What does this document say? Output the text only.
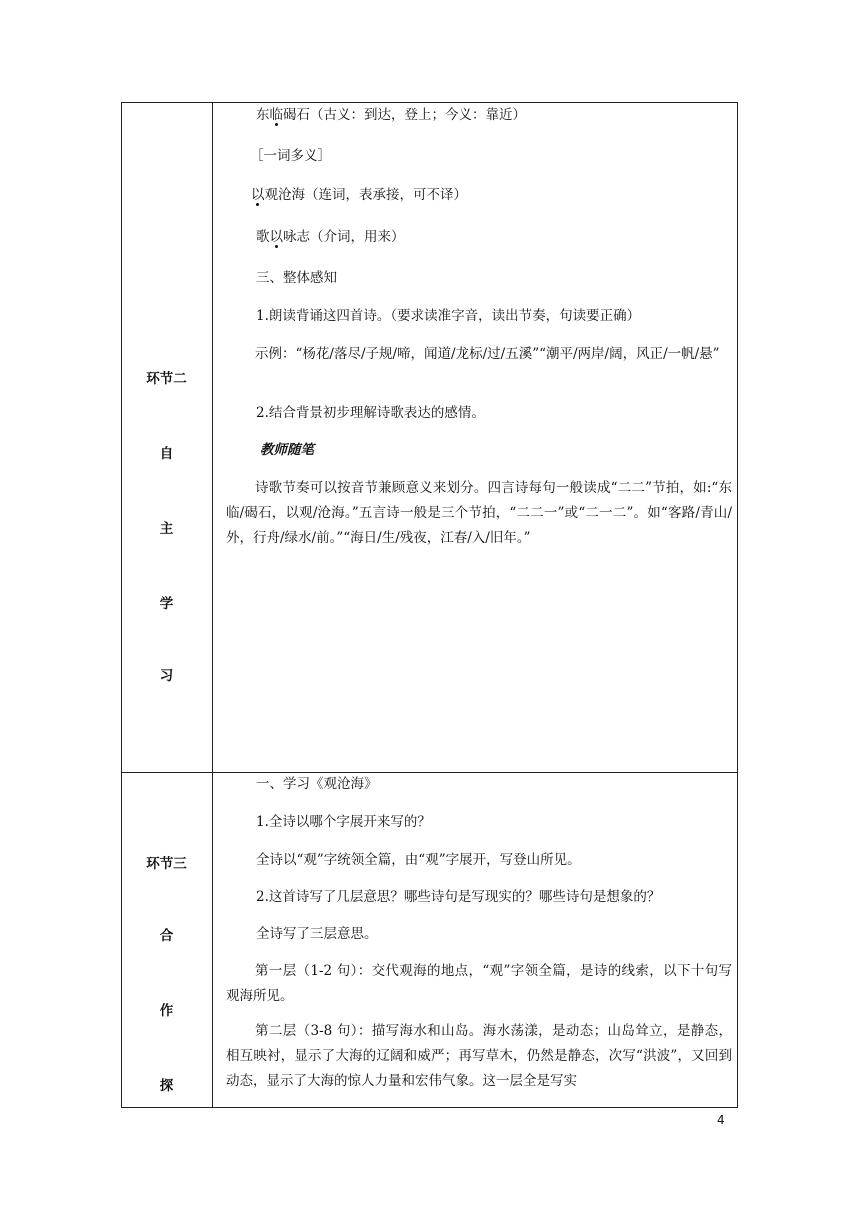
环节二
自
主
学
习
东临碣石（古义：到达，登上；今义：靠近）
［一词多义］
以观沧海（连词，表承接，可不译）
歌以咏志（介词，用来）
三、整体感知
1.朗读背诵这四首诗。（要求读准字音，读出节奏，句读要正确）
示例：“杨花/落尽/子规/啼，闻道/龙标/过/五溪”“潮平/两岸/阔，风正/一帆/悬”
2.结合背景初步理解诗歌表达的感情。
教师随笔
诗歌节奏可以按音节兼顾意义来划分。四言诗每句一般读成“二二”节拍，如:“东临/碣石，以观/沧海。”五言诗一般是三个节拍，“二二一”或“二一二”。如“客路/青山/外，行舟/绿水/前。”“海日/生/残夜，江春/入/旧年。”
环节三
合
作
探
一、学习《观沧海》
1.全诗以哪个字展开来写的？
全诗以“观”字统领全篇，由“观”字展开，写登山所见。
2.这首诗写了几层意思？哪些诗句是写现实的？哪些诗句是想象的？
全诗写了三层意思。
第一层（1-2 句）：交代观海的地点，“观”字领全篇，是诗的线索，以下十句写观海所见。
第二层（3-8 句）：描写海水和山岛。海水荡漾，是动态；山岛耸立，是静态，相互映衬，显示了大海的辽阔和威严；再写草木，仍然是静态，次写“洪波”，又回到动态，显示了大海的惊人力量和宏伟气象。这一层全是写实
4
